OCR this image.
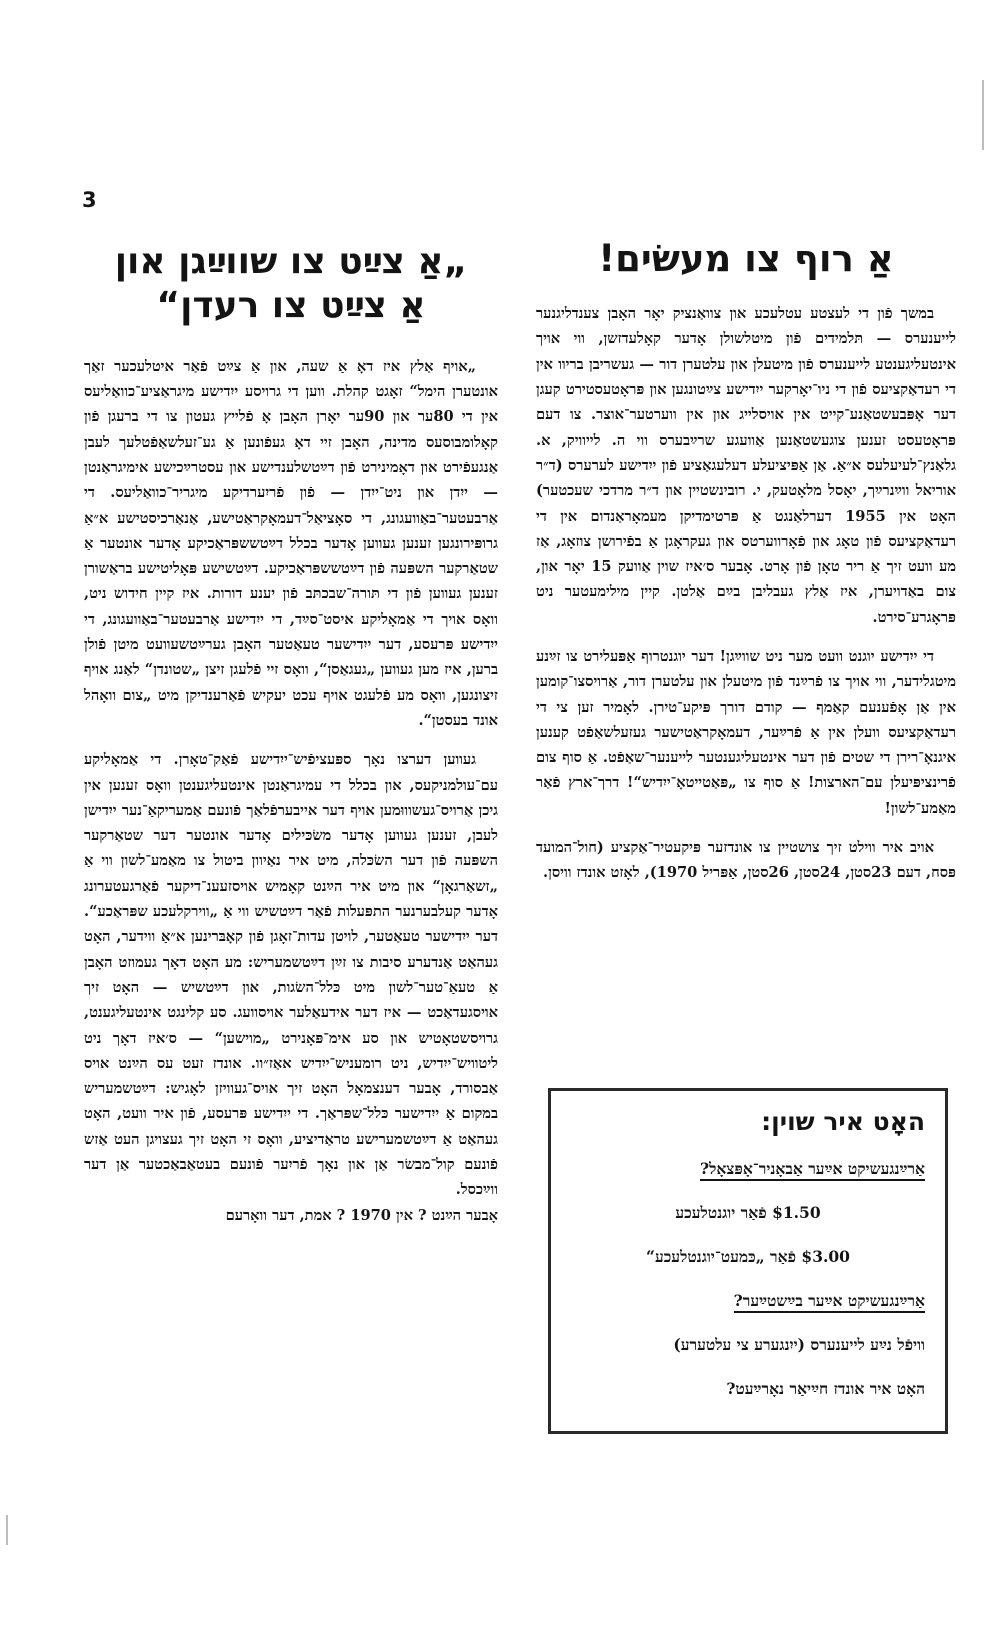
3
„אַ צײַט צו שווײַגן און
אַ צײַט צו רעדן“

„אויף אַלץ איז דאָ אַ שעה, און אַ צײַט פֿאַר איטלעכער זאַך אונטערן הימל“ זאָגט קהלת. ווען די גרויסע ייִדישע מיגראַציע־כוואַליעס אין די 80ער און 90ער יאָרן האָבן אָ פֿלייץ געטון צו די ברעגן פֿון קאָלומבוסעס מדינה, האָבן זיי דאָ געפֿונען אַ גע־זעלשאַפֿטלעך לעבן אַנגעפֿירט און דאָמינירט פֿון דײַטשלענדישע און עסטרײַכישע אימיגראַנטן — ייִדן און ניט־ייִדן — פֿון פֿריִערדיקע מיגריר־כוואַליעס. די אַרבעטער־באַוועגונג, די סאָציאַל־דעמאָקראַטישע, אַנאַרכיסטישע א״אַ גרופּירונגען זענען געווען אָדער בכלל דײַטששפּראַכיקע אָדער אונטער אַ שטאַרקער השפּעה פֿון דײַטששפּראַכיקע. דײַטשישע פּאָליטישע בראַשורן זענען געווען פֿון די תּורה־שבכתּב פֿון יענע דורות. איז קיין חידוש ניט, וואָס אויך די אַמאָליקע איסט־סײַד, די ייִדישע אַרבעטער־באַוועגונג, די ייִדישע פּרעסע, דער ייִדישער טעאַטער האָבן גערײַטשעוועט מיטן פֿולן ברען, איז מען געווען „געגאַסן“, וואָס זיי פֿלעגן זיצן „שטונדן“ לאַנג אויף זיצונגען, וואָס מע פֿלעגט אויף עכט יעקיש פֿאַרענדיקן מיט „צום וואָהל אונד בעסטן“.

געווען דערצו נאָך ספּעציפֿיש־ייִדישע פֿאַק־טאָרן. די אַמאָליקע עם־עולמניקעס, און בכלל די עמיגראַנטן אינטעליגענטן וואָס זענען אין גיכן אַרויס־געשוווּמען אויף דער אייבערפֿלאַך פֿונעם אַמעריקאַ־נער ייִדישן לעבן, זענען געווען אָדער משׂכּילים אָדער אונטער דער שטאַרקער השפּעה פֿון דער השׂכּלה, מיט איר נאַיוון ביטול צו מאַמע־לשון ווי אַ „זשאַרגאָן“ און מיט איר הײַנט קאָמיש אויסזעענ־דיקער פֿאַרגעטערונג אָדער קעלבערנער התפּעלות פֿאַר דײַטשיש ווי אַ „ווירקלעכע שפּראַכע“. דער ייִדישער טעאַטער, לויטן עדות־זאָגן פֿון קאָבּרינען א״אַ ווידער, האָט געהאַט אַנדערע סיבות צו זײַן דײַטשמעריש: מע האָט דאָך געמוזט האָבן אַ טעאַ־טער־לשון מיט כּלל־השׂגות, און דײַטשיש — האָט זיך אויסגעדאַכט — איז דער אידעאַלער אויסוועג. סע קלינגט אינטעליגענט, גרויסשטאָטיש און סע אימ־פּאָנירט „מוישען“ — ס׳איז דאָך ניט ליטוויש־ייִדיש, ניט רומעניש־ייִדיש אאַז״וו. אונדז זעט עס הײַנט אויס אַבסורד, אָבער דענצמאָל האָט זיך אויס־געוויזן לאָגיש: דײַטשמעריש במקום אַ ייִדישער כּלל־שפּראַך. די ייִדישע פּרעסע, פֿון איר וועט, האָט געהאַט אַ דײַטשמערישע טראַדיציע, וואָס זי האָט זיך געצויגן העט אַזש פֿונעם קול־מבשׂר אַן און נאָך פֿריִער פֿונעם בעטאַבאַכטער אַן דער ווײַכסל.

אָבער הײַנט ? אין 1970 ? אמת, דער וואָרעם

אַ רוף צו מעשׂים!

במשך פֿון די לעצטע עטלעכע און צוואַנציק יאָר האָבן צענדליגנער לייענערס — תּלמידים פֿון מיטלשולן אָדער קאָלעדזשן, ווי אויך אינטעליגענטע לייענערס פֿון מיטעלן און עלטערן דור — געשריבן בריוו אין די רעדאַקציעס פֿון די ניו־יאָרקער ייִדישע צײַטונגען און פּראָטעסטירט קעגן דער אָפּבעשטאַנע־קייט אין אויסלייג און אין ווערטער־אוצר. צו דעם פּראָטעסט זענען צוגעשטאַנען אַוועגע שרײַבערס ווי ה. לייוויק, א. גלאַנץ־לעיעלעס א״אַ. אַן אַפּיציעלע דעלעגאַציע פֿון ייִדישע לערערס (ד״ר אוריאל ווײַנרײַך, יאָסל מלאָטעק, י. רובינשטיין און ד״ר מרדכי שעכטער) האָט אין 1955 דערלאַנגט אַ פּרטימדיקן מעמאָראַנדום אין די רעדאַקציעס פֿון טאָג און פֿאָרווערטס און געקראָגן אַ בפֿירושן צוזאָג, אַז מע וועט זיך אַ ריר טאָן פֿון אָרט. אָבער ס׳איז שוין אַוועק 15 יאָר און, צום באַדויערן, איז אַלץ געבליבן בײַם אַלטן. קיין מילימעטער ניט פּראָגרע־סירט.

די ייִדישע יוגנט וועט מער ניט שווײַגן! דער יוגנטרוף אַפּעלירט צו זײַנע מיטגלידער, ווי אויך צו פֿרײַנד פֿון מיטעלן און עלטערן דור, אַרויסצו־קומען אין אַן אָפֿענעם קאַמף — קודם דורך פּיקע־טירן. לאָמיר זען צי די רעדאַקציעס וועלן אין אַ פֿרײַער, דעמאָקראַטישער געזעלשאַפֿט קענען איגנאָ־רירן די שטים פֿון דער אינטעליגענטער לייענער־שאַפֿט. אַ סוף צום פֿרינציפּיעלן עם־הארצות! אַ סוף צו „פּאַטייטאָ־ייִדיש“! דרך־ארץ פֿאַר מאַמע־לשון!

אויב איר ווילט זיך צושטיין צו אונדזער פּיקעטיר־אַקציע (חול־המועד פּסח, דעם 23סטן, 24סטן, 26סטן, אַפּריל 1970), לאָזט אונדז וויסן.

האָט איר שוין:
אַרײַנגעשיקט אײַער אַבאָניר־אָפּצאָל?
$1.50 פֿאַר יוגנטלעכע
$3.00 פֿאַר „כּמעט־יוגנטלעכע“
אַרײַנגעשיקט אײַער בײַשטײַער?
וויפֿל נײַע לייענערס (ייִנגערע צי עלטערע)
האָט איר אונדז חײַיאַר נאָרײַעט?
